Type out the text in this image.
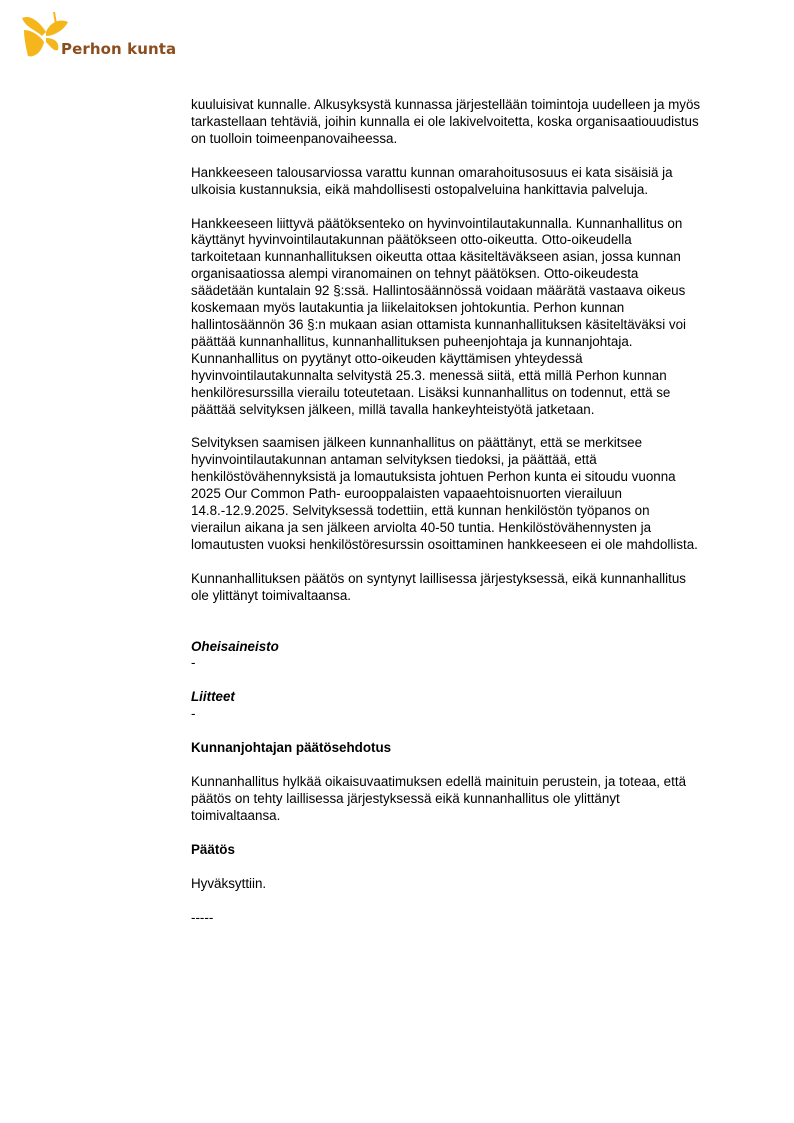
Perhon kunta

kuuluisivat kunnalle. Alkusyksystä kunnassa järjestellään toimintoja uudelleen ja myös tarkastellaan tehtäviä, joihin kunnalla ei ole lakivelvoitetta, koska organisaatiouudistus on tuolloin toimeenpanovaiheessa.

Hankkeeseen talousarviossa varattu kunnan omarahoitusosuus ei kata sisäisiä ja ulkoisia kustannuksia, eikä mahdollisesti ostopalveluina hankittavia palveluja.

Hankkeeseen liittyvä päätöksenteko on hyvinvointilautakunnalla. Kunnanhallitus on käyttänyt hyvinvointilautakunnan päätökseen otto-oikeutta. Otto-oikeudella tarkoitetaan kunnanhallituksen oikeutta ottaa käsiteltäväkseen asian, jossa kunnan organisaatiossa alempi viranomainen on tehnyt päätöksen. Otto-oikeudesta säädetään kuntalain 92 §:ssä. Hallintosäännössä voidaan määrätä vastaava oikeus koskemaan myös lautakuntia ja liikelaitoksen johtokuntia. Perhon kunnan hallintosäännön 36 §:n mukaan asian ottamista kunnanhallituksen käsiteltäväksi voi päättää kunnanhallitus, kunnanhallituksen puheenjohtaja ja kunnanjohtaja. Kunnanhallitus on pyytänyt otto-oikeuden käyttämisen yhteydessä hyvinvointilautakunnalta selvitystä 25.3. menessä siitä, että millä Perhon kunnan henkilöresurssilla vierailu toteutetaan. Lisäksi kunnanhallitus on todennut, että se päättää selvityksen jälkeen, millä tavalla hankeyhteistyötä jatketaan.

Selvityksen saamisen jälkeen kunnanhallitus on päättänyt, että se merkitsee hyvinvointilautakunnan antaman selvityksen tiedoksi, ja päättää, että henkilöstövähennyksistä ja lomautuksista johtuen Perhon kunta ei sitoudu vuonna 2025 Our Common Path- eurooppalaisten vapaaehtoisnuorten vierailuun 14.8.-12.9.2025. Selvityksessä todettiin, että kunnan henkilöstön työpanos on vierailun aikana ja sen jälkeen arviolta 40-50 tuntia. Henkilöstövähennysten ja lomautusten vuoksi henkilöstöresurssin osoittaminen hankkeeseen ei ole mahdollista.

Kunnanhallituksen päätös on syntynyt laillisessa järjestyksessä, eikä kunnanhallitus ole ylittänyt toimivaltaansa.

Oheisaineisto

-

Liitteet

-

Kunnanjohtajan päätösehdotus

Kunnanhallitus hylkää oikaisuvaatimuksen edellä mainituin perustein, ja toteaa, että päätös on tehty laillisessa järjestyksessä eikä kunnanhallitus ole ylittänyt toimivaltaansa.

Päätös

Hyväksyttiin.

-----
